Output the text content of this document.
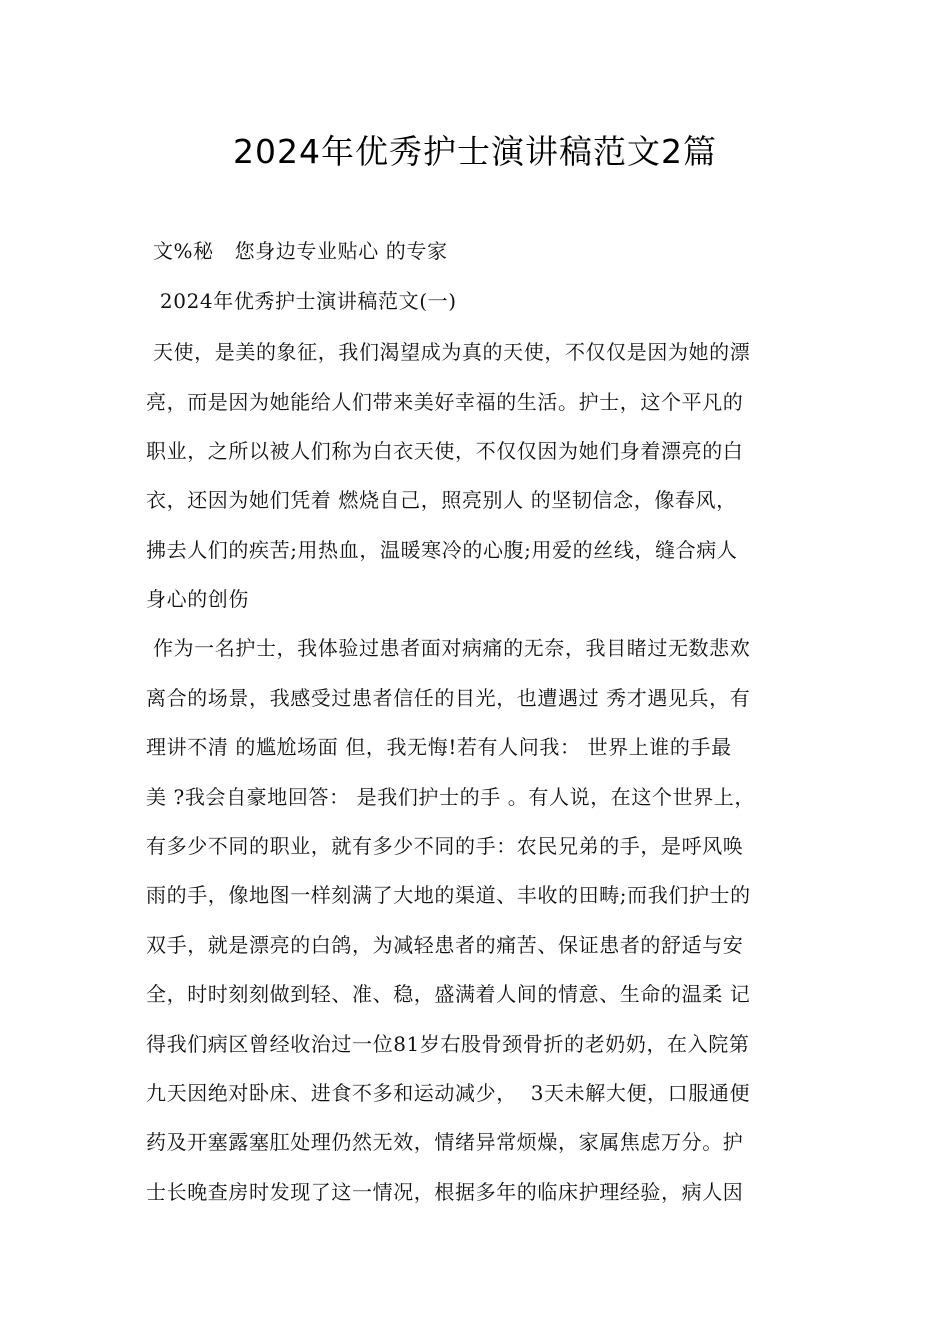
2024年优秀护士演讲稿范文2篇
文%秘   您身边专业贴心 的专家
2024年优秀护士演讲稿范文(一)
天使，是美的象征，我们渴望成为真的天使，不仅仅是因为她的漂
亮，而是因为她能给人们带来美好幸福的生活。护士，这个平凡的
职业，之所以被人们称为白衣天使，不仅仅因为她们身着漂亮的白
衣，还因为她们凭着 燃烧自己，照亮别人 的坚韧信念，像春风，
拂去人们的疾苦;用热血，温暖寒冷的心腹;用爱的丝线，缝合病人
身心的创伤
作为一名护士，我体验过患者面对病痛的无奈，我目睹过无数悲欢
离合的场景，我感受过患者信任的目光，也遭遇过 秀才遇见兵，有
理讲不清 的尴尬场面 但，我无悔!若有人问我： 世界上谁的手最
美 ?我会自豪地回答： 是我们护士的手 。有人说，在这个世界上，
有多少不同的职业，就有多少不同的手：农民兄弟的手，是呼风唤
雨的手，像地图一样刻满了大地的渠道、丰收的田畴;而我们护士的
双手，就是漂亮的白鸽，为减轻患者的痛苦、保证患者的舒适与安
全，时时刻刻做到轻、准、稳，盛满着人间的情意、生命的温柔 记
得我们病区曾经收治过一位81岁右股骨颈骨折的老奶奶，在入院第
九天因绝对卧床、进食不多和运动减少，  3天未解大便，口服通便
药及开塞露塞肛处理仍然无效，情绪异常烦燥，家属焦虑万分。护
士长晚查房时发现了这一情况，根据多年的临床护理经验，病人因
